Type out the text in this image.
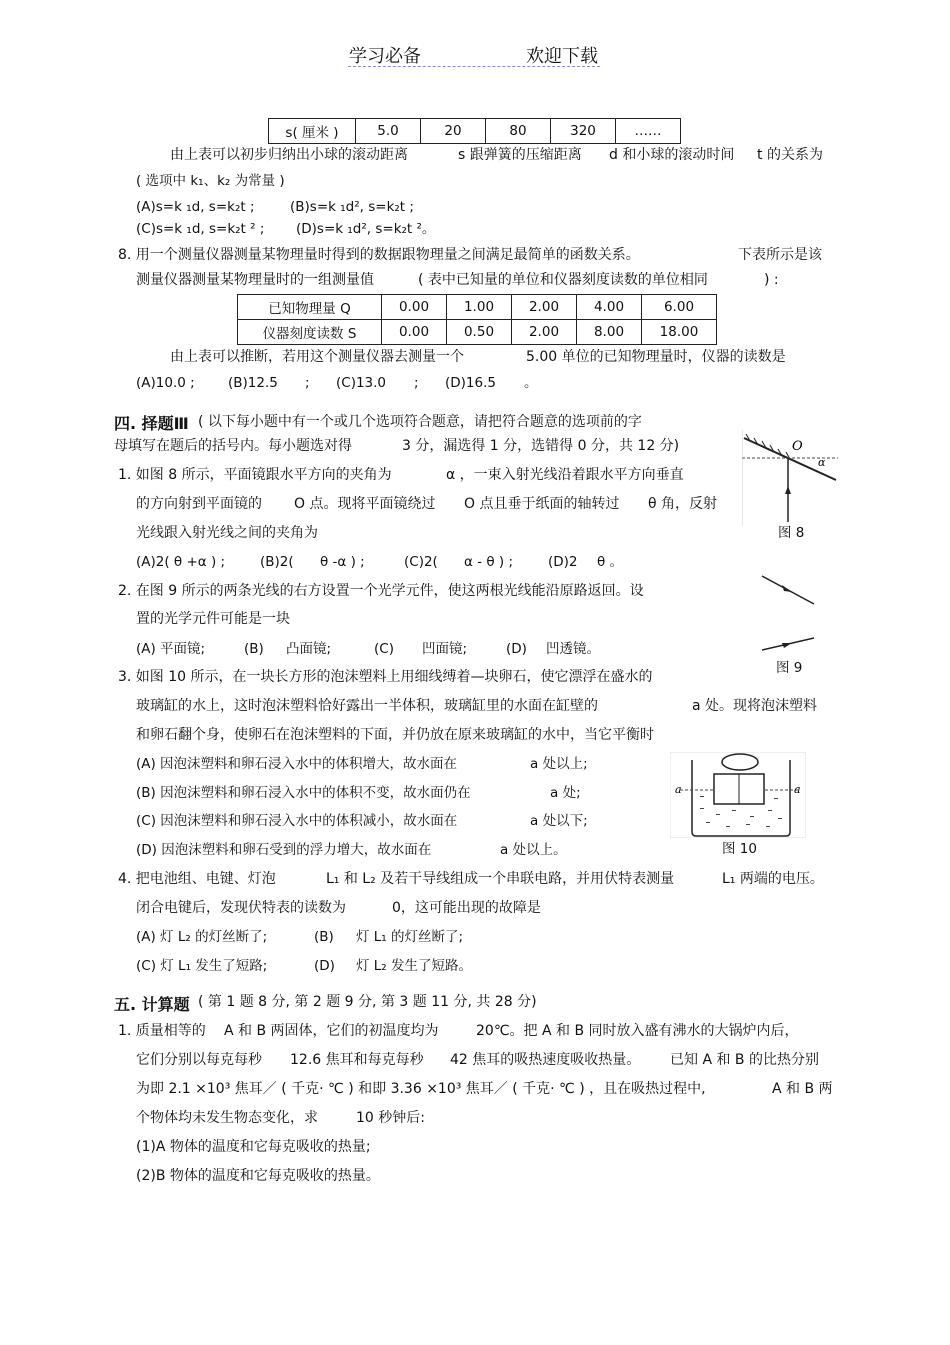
学习必备	欢迎下载
s( 厘米 )	5.0	20	80	320	……
由上表可以初步归纳出小球的滚动距离	s 跟弹簧的压缩距离 d 和小球的滚动时间 t 的关系为
( 选项中 k₁、k₂ 为常量 )
(A)s=k ₁d, s=k₂t ;	(B)s=k ₁d², s=k₂t ;
(C)s=k ₁d, s=k₂t ² ; (D)s=k ₁d², s=k₂t ²。
8. 用一个测量仪器测量某物理量时得到的数据跟物理量之间满足最简单的函数关系。	下表所示是该
测量仪器测量某物理量时的一组测量值	( 表中已知量的单位和仪器刻度读数的单位相同	) :
已知物理量 Q	0.00	1.00	2.00	4.00	6.00
仪器刻度读数 S	0.00	0.50	2.00	8.00	18.00
由上表可以推断，若用这个测量仪器去测量一个	5.00 单位的已知物理量时，仪器的读数是
(A)10.0 ; (B)12.5 ; (C)13.0 ; (D)16.5 。
四. 择题Ⅲ ( 以下每小题中有一个或几个选项符合题意，请把符合题意的选项前的字
母填写在题后的括号内。每小题选对得	3 分，漏选得 1 分，选错得 0 分，共 12 分)	O
α
图 8
1. 如图 8 所示，平面镜跟水平方向的夹角为	α ，一束入射光线沿着跟水平方向垂直
的方向射到平面镜的 O 点。现将平面镜绕过 O 点且垂于纸面的轴转过 θ 角，反射
光线跟入射光线之间的夹角为
(A)2( θ +α ) ;	(B)2( θ -α ) ;	(C)2( α - θ ) ;	(D)2 θ 。
图 9
2. 在图 9 所示的两条光线的右方设置一个光学元件，使这两根光线能沿原路返回。设
置的光学元件可能是一块
(A) 平面镜;	(B) 凸面镜;	(C) 凹面镜;	(D) 凹透镜。
3. 如图 10 所示，在一块长方形的泡沫塑料上用细线缚着—块卵石，使它漂浮在盛水的
玻璃缸的水上，这时泡沫塑料恰好露出一半体积，玻璃缸里的水面在缸壁的	a 处。现将泡沫塑料
和卵石翻个身，使卵石在泡沫塑料的下面，并仍放在原来玻璃缸的水中，当它平衡时
(A) 因泡沫塑料和卵石浸入水中的体积增大，故水面在	a 处以上;
(B) 因泡沫塑料和卵石浸入水中的体积不变，故水面仍在	a 处;
(C) 因泡沫塑料和卵石浸入水中的体积减小，故水面在	a 处以下;
(D) 因泡沫塑料和卵石受到的浮力增大，故水面在	a 处以上。
a	a
图 10
4. 把电池组、电键、灯泡	L₁ 和 L₂ 及若干导线组成一个串联电路，并用伏特表测量	L₁ 两端的电压。
闭合电键后，发现伏特表的读数为	0，这可能出现的故障是
(A) 灯 L₂ 的灯丝断了;	(B) 灯 L₁ 的灯丝断了;
(C) 灯 L₁ 发生了短路;	(D) 灯 L₂ 发生了短路。
五. 计算题 ( 第 1 题 8 分, 第 2 题 9 分, 第 3 题 11 分, 共 28 分)
1. 质量相等的 A 和 B 两固体，它们的初温度均为	20℃。把 A 和 B 同时放入盛有沸水的大锅炉内后，
它们分别以每克每秒 12.6 焦耳和每克每秒 42 焦耳的吸热速度吸收热量。 已知 A 和 B 的比热分别
为即 2.1 ×10³ 焦耳／ ( 千克· ℃ ) 和即 3.36 ×10³ 焦耳／ ( 千克· ℃ ) ，且在吸热过程中,	A 和 B 两
个物体均未发生物态变化，求	10 秒钟后:
(1)A 物体的温度和它每克吸收的热量;
(2)B 物体的温度和它每克吸收的热量。
